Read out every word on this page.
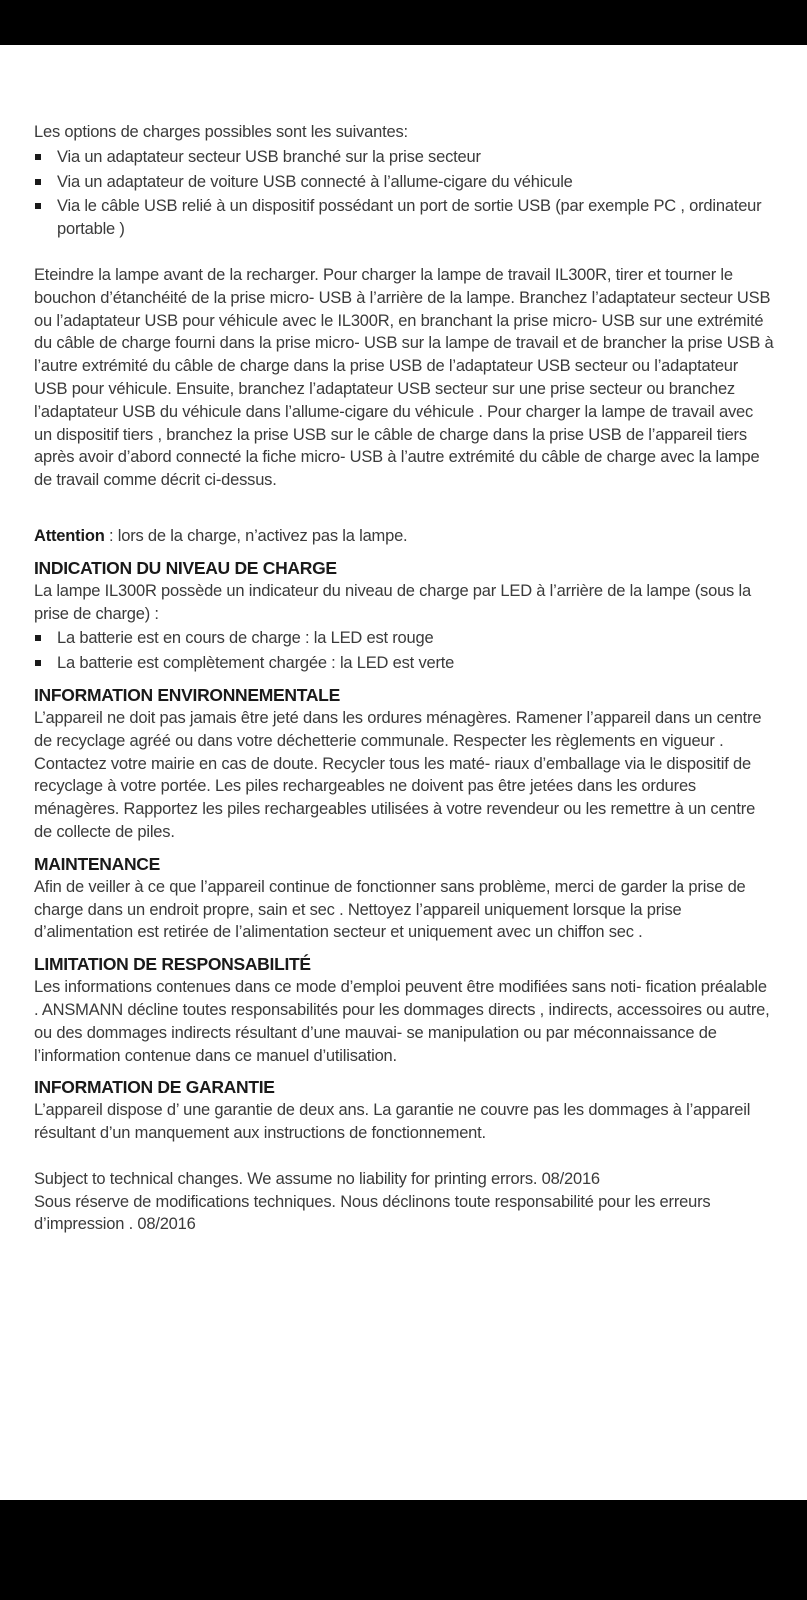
Les options de charges possibles sont les suivantes:

Via un adaptateur secteur USB branché sur la prise secteur
Via un adaptateur de voiture USB connecté à l’allume-cigare du véhicule
Via le câble USB relié à un dispositif possédant un port de sortie USB (par exemple PC , ordinateur portable )

Eteindre la lampe avant de la recharger. Pour charger la lampe de travail IL300R, tirer et tourner le bouchon d’étanchéité de la prise micro- USB à l’arrière de la lampe. Branchez l’adaptateur secteur USB ou l’adaptateur USB pour véhicule avec le IL300R, en branchant la prise micro- USB sur une extrémité du câble de charge fourni dans la prise micro- USB sur la lampe de travail et de brancher la prise USB à l’autre extrémité du câble de charge dans la prise USB de l’adaptateur USB secteur ou l’adaptateur USB pour véhicule. Ensuite, branchez l’adaptateur USB secteur sur une prise secteur ou branchez l’adaptateur USB du véhicule dans l’allume-cigare du véhicule . Pour charger la lampe de travail avec un dispositif tiers , branchez la prise USB sur le câble de charge dans la prise USB de l’appareil tiers après avoir d’abord connecté la fiche micro- USB à l’autre extrémité du câble de charge avec la lampe de travail comme décrit ci-dessus.

Attention : lors de la charge, n’activez pas la lampe.

INDICATION DU NIVEAU DE CHARGE

La lampe IL300R possède un indicateur du niveau de charge par LED à l’arrière de la lampe (sous la prise de charge) :

La batterie est en cours de charge : la LED est rouge
La batterie est complètement chargée : la LED est verte
INFORMATION ENVIRONNEMENTALE

L’appareil ne doit pas jamais être jeté dans les ordures ménagères. Ramener l’appareil dans un centre de recyclage agréé ou dans votre déchetterie communale. Respecter les règlements en vigueur . Contactez votre mairie en cas de doute. Recycler tous les maté- riaux d’emballage via le dispositif de recyclage à votre portée. Les piles rechargeables ne doivent pas être jetées dans les ordures ménagères. Rapportez les piles rechargeables utilisées à votre revendeur ou les remettre à un centre de collecte de piles.

MAINTENANCE

Afin de veiller à ce que l’appareil continue de fonctionner sans problème, merci de garder la prise de charge dans un endroit propre, sain et sec . Nettoyez l’appareil uniquement lorsque la prise d’alimentation est retirée de l’alimentation secteur et uniquement avec un chiffon sec .

LIMITATION DE RESPONSABILITÉ

Les informations contenues dans ce mode d’emploi peuvent être modifiées sans noti- fication préalable . ANSMANN décline toutes responsabilités pour les dommages directs , indirects, accessoires ou autre, ou des dommages indirects résultant d’une mauvai- se manipulation ou par méconnaissance de l’information contenue dans ce manuel d’utilisation.

INFORMATION DE GARANTIE

L’appareil dispose d’ une garantie de deux ans. La garantie ne couvre pas les dommages à l’appareil résultant d’un manquement aux instructions de fonctionnement.

Subject to technical changes. We assume no liability for printing errors. 08/2016

Sous réserve de modifications techniques. Nous déclinons toute responsabilité pour les erreurs d’impression . 08/2016
